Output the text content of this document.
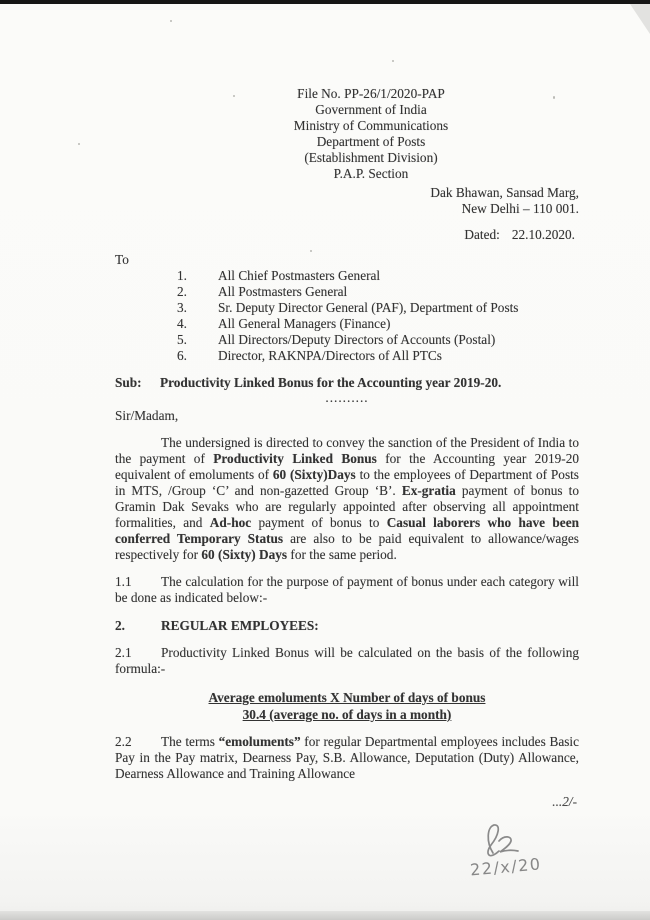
File No. PP-26/1/2020-PAP
Government of India
Ministry of Communications
Department of Posts
(Establishment Division)
P.A.P. Section
Dak Bhawan, Sansad Marg,
New Delhi – 110 001.
Dated: 22.10.2020.
To
1.	All Chief Postmasters General
2.	All Postmasters General
3.	Sr. Deputy Director General (PAF), Department of Posts
4.	All General Managers (Finance)
5.	All Directors/Deputy Directors of Accounts (Postal)
6.	Director, RAKNPA/Directors of All PTCs
Sub:	Productivity Linked Bonus for the Accounting year 2019-20.
..........
Sir/Madam,

The undersigned is directed to convey the sanction of the President of India to the payment of Productivity Linked Bonus for the Accounting year 2019-20 equivalent of emoluments of 60 (Sixty)Days to the employees of Department of Posts in MTS, /Group ‘C’ and non-gazetted Group ‘B’. Ex-gratia payment of bonus to Gramin Dak Sevaks who are regularly appointed after observing all appointment formalities, and Ad-hoc payment of bonus to Casual laborers who have been conferred Temporary Status are also to be paid equivalent to allowance/wages respectively for 60 (Sixty) Days for the same period.

1.1 The calculation for the purpose of payment of bonus under each category will be done as indicated below:-

2.	REGULAR EMPLOYEES:

2.1 Productivity Linked Bonus will be calculated on the basis of the following formula:-

Average emoluments X Number of days of bonus
30.4 (average no. of days in a month)

2.2 The terms “emoluments” for regular Departmental employees includes Basic Pay in the Pay matrix, Dearness Pay, S.B. Allowance, Deputation (Duty) Allowance, Dearness Allowance and Training Allowance

...2/-
22/x/20
